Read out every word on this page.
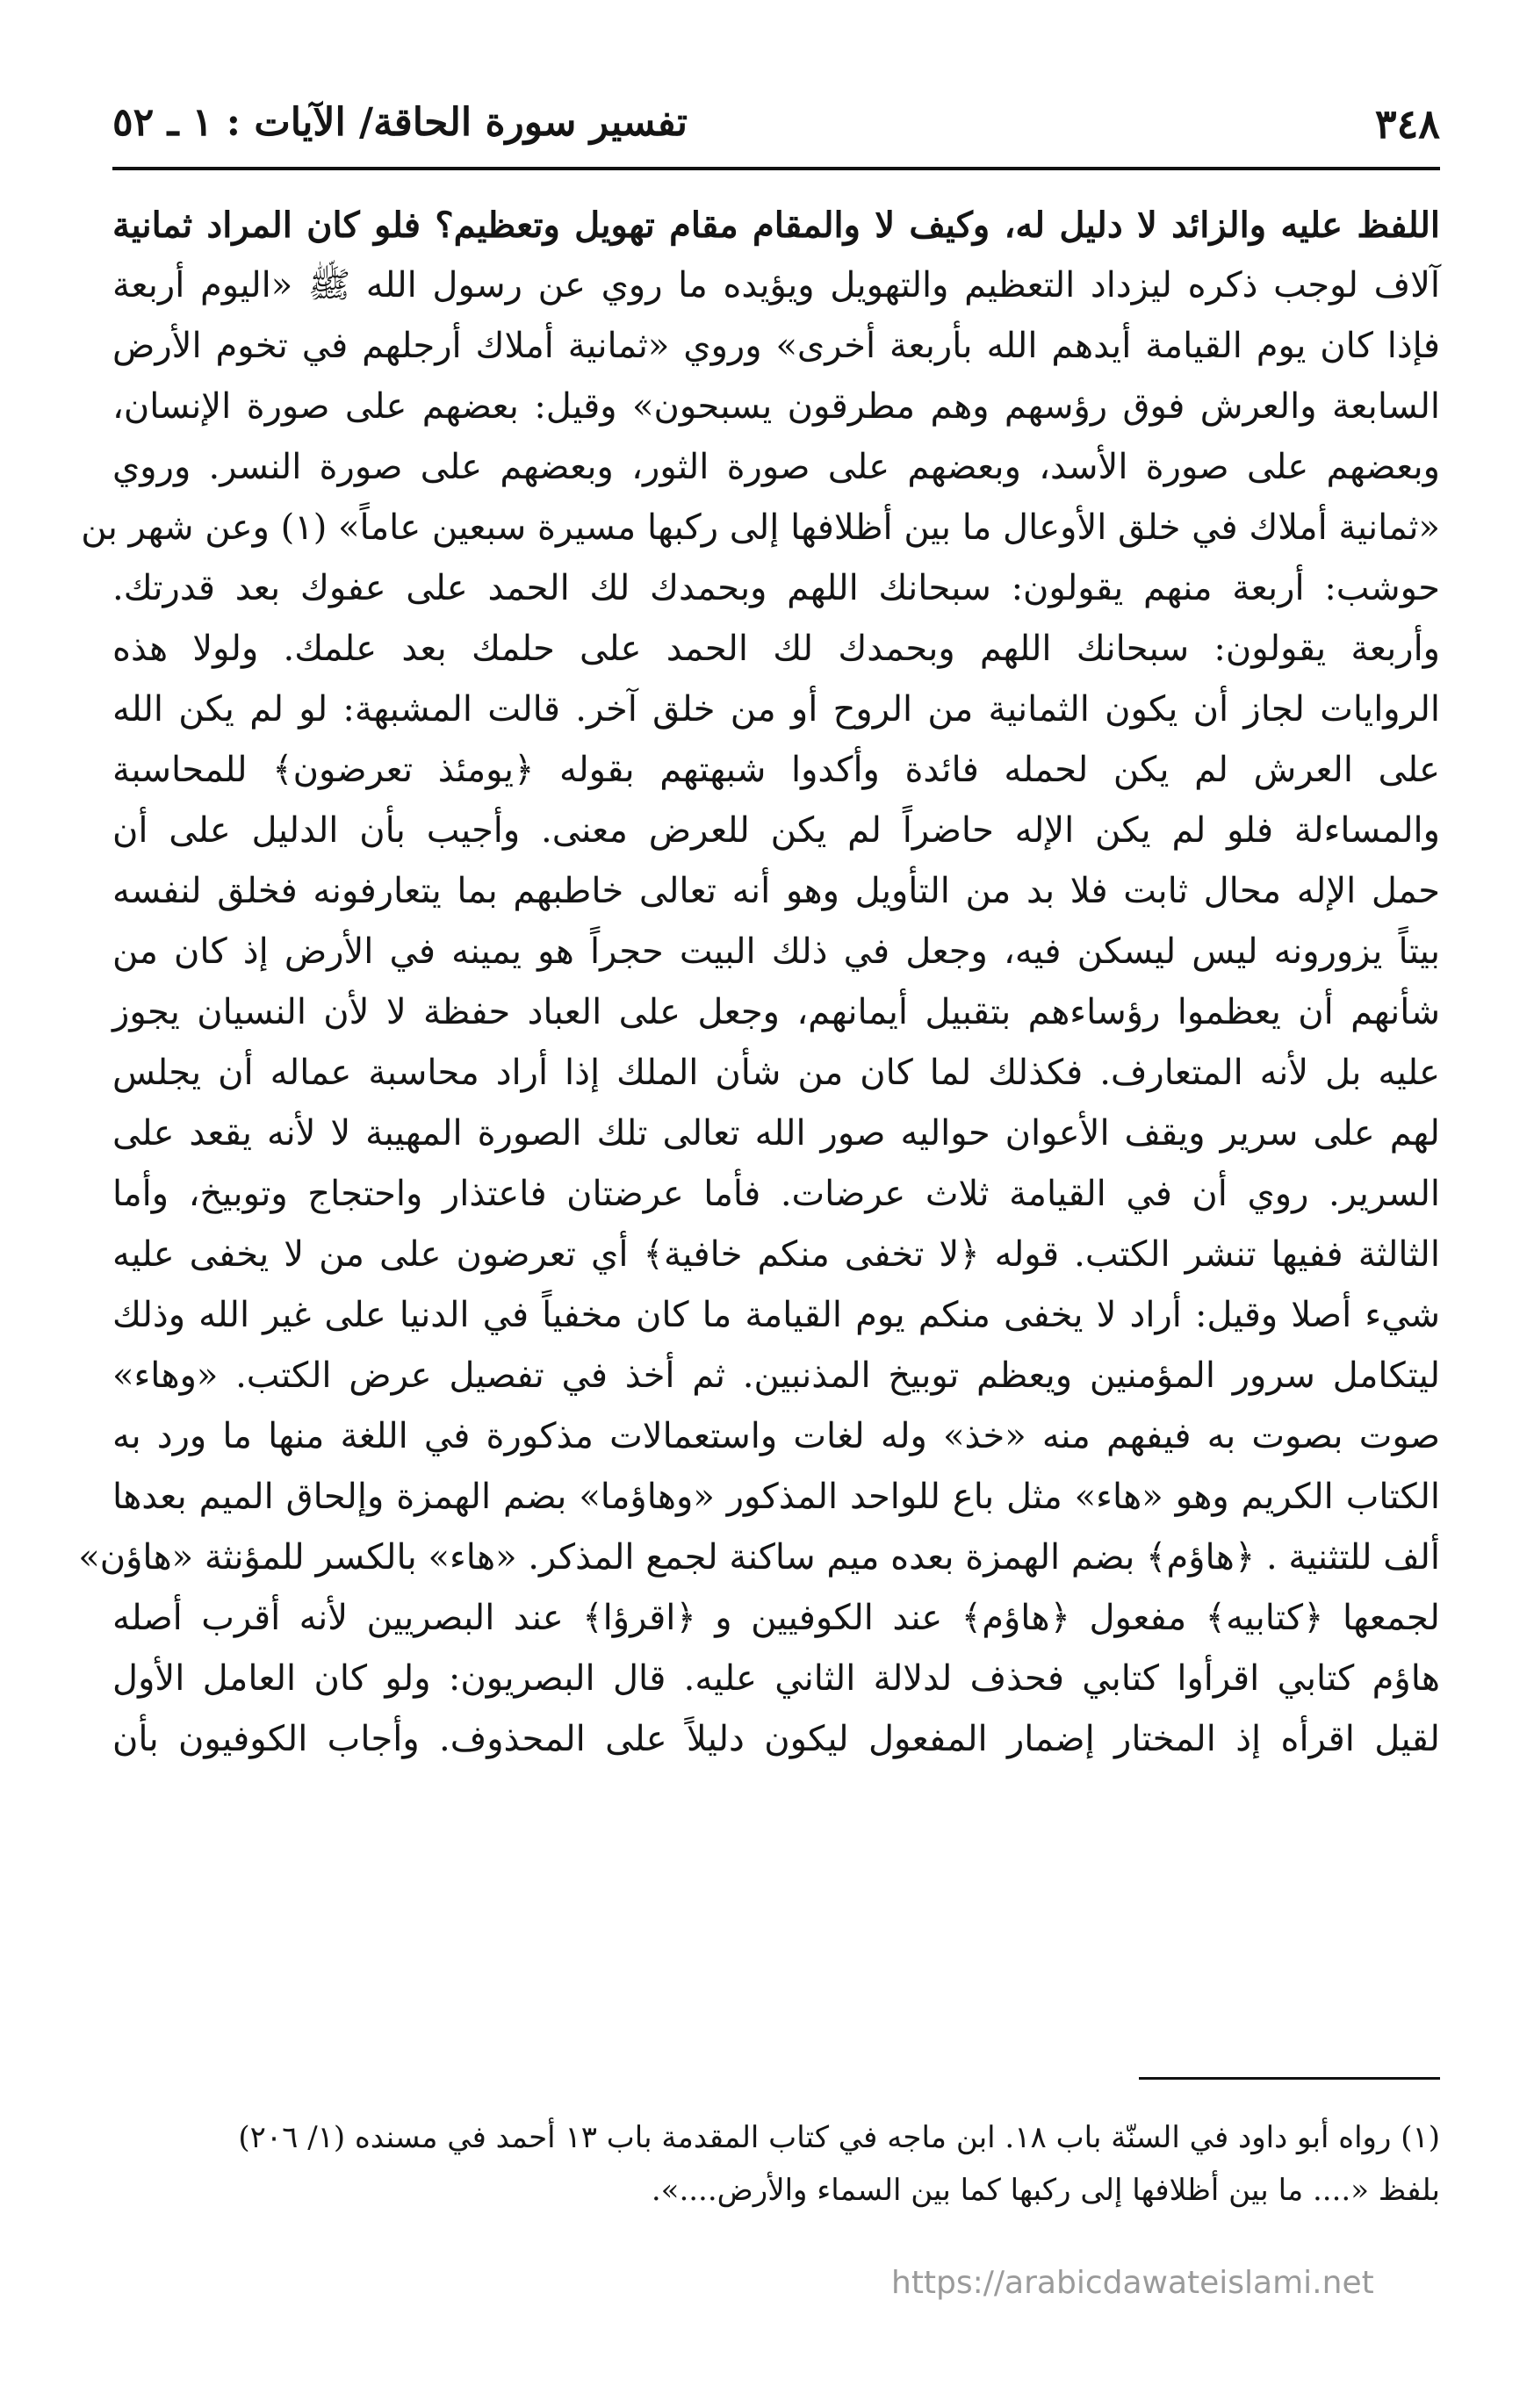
٣٤٨
تفسير سورة الحاقة/ الآيات : ١ ـ ٥٢
اللفظ عليه والزائد لا دليل له، وكيف لا والمقام مقام تهويل وتعظيم؟ فلو كان المراد ثمانية
آلاف لوجب ذكره ليزداد التعظيم والتهويل ويؤيده ما روي عن رسول الله ﷺ «اليوم أربعة
فإذا كان يوم القيامة أيدهم الله بأربعة أخرى» وروي «ثمانية أملاك أرجلهم في تخوم الأرض
السابعة والعرش فوق رؤسهم وهم مطرقون يسبحون» وقيل: بعضهم على صورة الإنسان،
وبعضهم على صورة الأسد، وبعضهم على صورة الثور، وبعضهم على صورة النسر. وروي
«ثمانية أملاك في خلق الأوعال ما بين أظلافها إلى ركبها مسيرة سبعين عاماً» (١) وعن شهر بن
حوشب: أربعة منهم يقولون: سبحانك اللهم وبحمدك لك الحمد على عفوك بعد قدرتك.
وأربعة يقولون: سبحانك اللهم وبحمدك لك الحمد على حلمك بعد علمك. ولولا هذه
الروايات لجاز أن يكون الثمانية من الروح أو من خلق آخر. قالت المشبهة: لو لم يكن الله
على العرش لم يكن لحمله فائدة وأكدوا شبهتهم بقوله ﴿يومئذ تعرضون﴾ للمحاسبة
والمساءلة فلو لم يكن الإله حاضراً لم يكن للعرض معنى. وأجيب بأن الدليل على أن
حمل الإله محال ثابت فلا بد من التأويل وهو أنه تعالى خاطبهم بما يتعارفونه فخلق لنفسه
بيتاً يزورونه ليس ليسكن فيه، وجعل في ذلك البيت حجراً هو يمينه في الأرض إذ كان من
شأنهم أن يعظموا رؤساءهم بتقبيل أيمانهم، وجعل على العباد حفظة لا لأن النسيان يجوز
عليه بل لأنه المتعارف. فكذلك لما كان من شأن الملك إذا أراد محاسبة عماله أن يجلس
لهم على سرير ويقف الأعوان حواليه صور الله تعالى تلك الصورة المهيبة لا لأنه يقعد على
السرير. روي أن في القيامة ثلاث عرضات. فأما عرضتان فاعتذار واحتجاج وتوبيخ، وأما
الثالثة ففيها تنشر الكتب. قوله ﴿لا تخفى منكم خافية﴾ أي تعرضون على من لا يخفى عليه
شيء أصلا وقيل: أراد لا يخفى منكم يوم القيامة ما كان مخفياً في الدنيا على غير الله وذلك
ليتكامل سرور المؤمنين ويعظم توبيخ المذنبين. ثم أخذ في تفصيل عرض الكتب. «وهاء»
صوت بصوت به فيفهم منه «خذ» وله لغات واستعمالات مذكورة في اللغة منها ما ورد به
الكتاب الكريم وهو «هاء» مثل باع للواحد المذكور «وهاؤما» بضم الهمزة وإلحاق الميم بعدها
ألف للتثنية . ﴿هاؤم﴾ بضم الهمزة بعده ميم ساكنة لجمع المذكر. «هاء» بالكسر للمؤنثة «هاؤن»
لجمعها ﴿كتابيه﴾ مفعول ﴿هاؤم﴾ عند الكوفيين و ﴿اقرؤا﴾ عند البصريين لأنه أقرب أصله
هاؤم كتابي اقرأوا كتابي فحذف لدلالة الثاني عليه. قال البصريون: ولو كان العامل الأول
لقيل اقرأه إذ المختار إضمار المفعول ليكون دليلاً على المحذوف. وأجاب الكوفيون بأن
(١) رواه أبو داود في السنّة باب ١٨. ابن ماجه في كتاب المقدمة باب ١٣ أحمد في مسنده (١/ ٢٠٦)
بلفظ «.... ما بين أظلافها إلى ركبها كما بين السماء والأرض....».
https://arabicdawateislami.net
